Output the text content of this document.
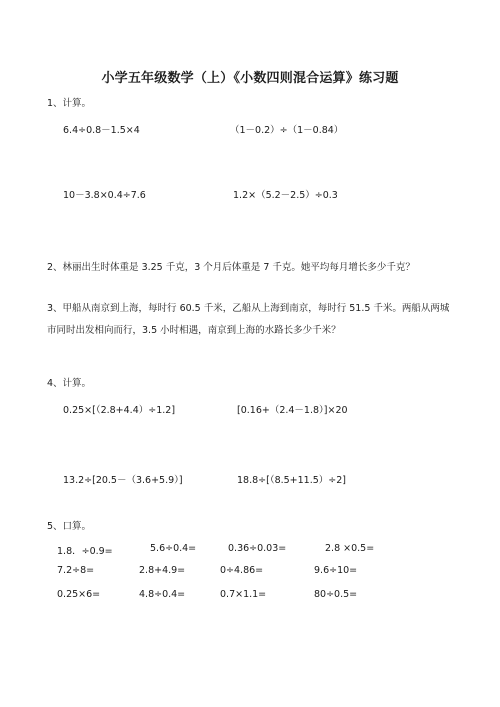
小学五年级数学（上）《小数四则混合运算》练习题
1、计算。
6.4÷0.8－1.5×4	（1－0.2）÷（1－0.84）
10－3.8×0.4÷7.6	1.2×（5.2－2.5）÷0.3
2、林丽出生时体重是 3.25 千克，3 个月后体重是 7 千克。她平均每月增长多少千克？
3、甲船从南京到上海，每时行 60.5 千米，乙船从上海到南京，每时行 51.5 千米。两船从两城市同时出发相向而行，3.5 小时相遇，南京到上海的水路长多少千米？
4、计算。
0.25×[（2.8+4.4）÷1.2]	[0.16+（2.4－1.8）]×20
13.2÷[20.5－（3.6+5.9）]	18.8÷[（8.5+11.5）÷2]
5、口算。
1.8．÷0.9=	5.6÷0.4=	0.36÷0.03=	2.8 ×0.5=
7.2÷8=	2.8+4.9=	0÷4.86=	9.6÷10=
0.25×6=	4.8÷0.4=	0.7×1.1=	80÷0.5=
